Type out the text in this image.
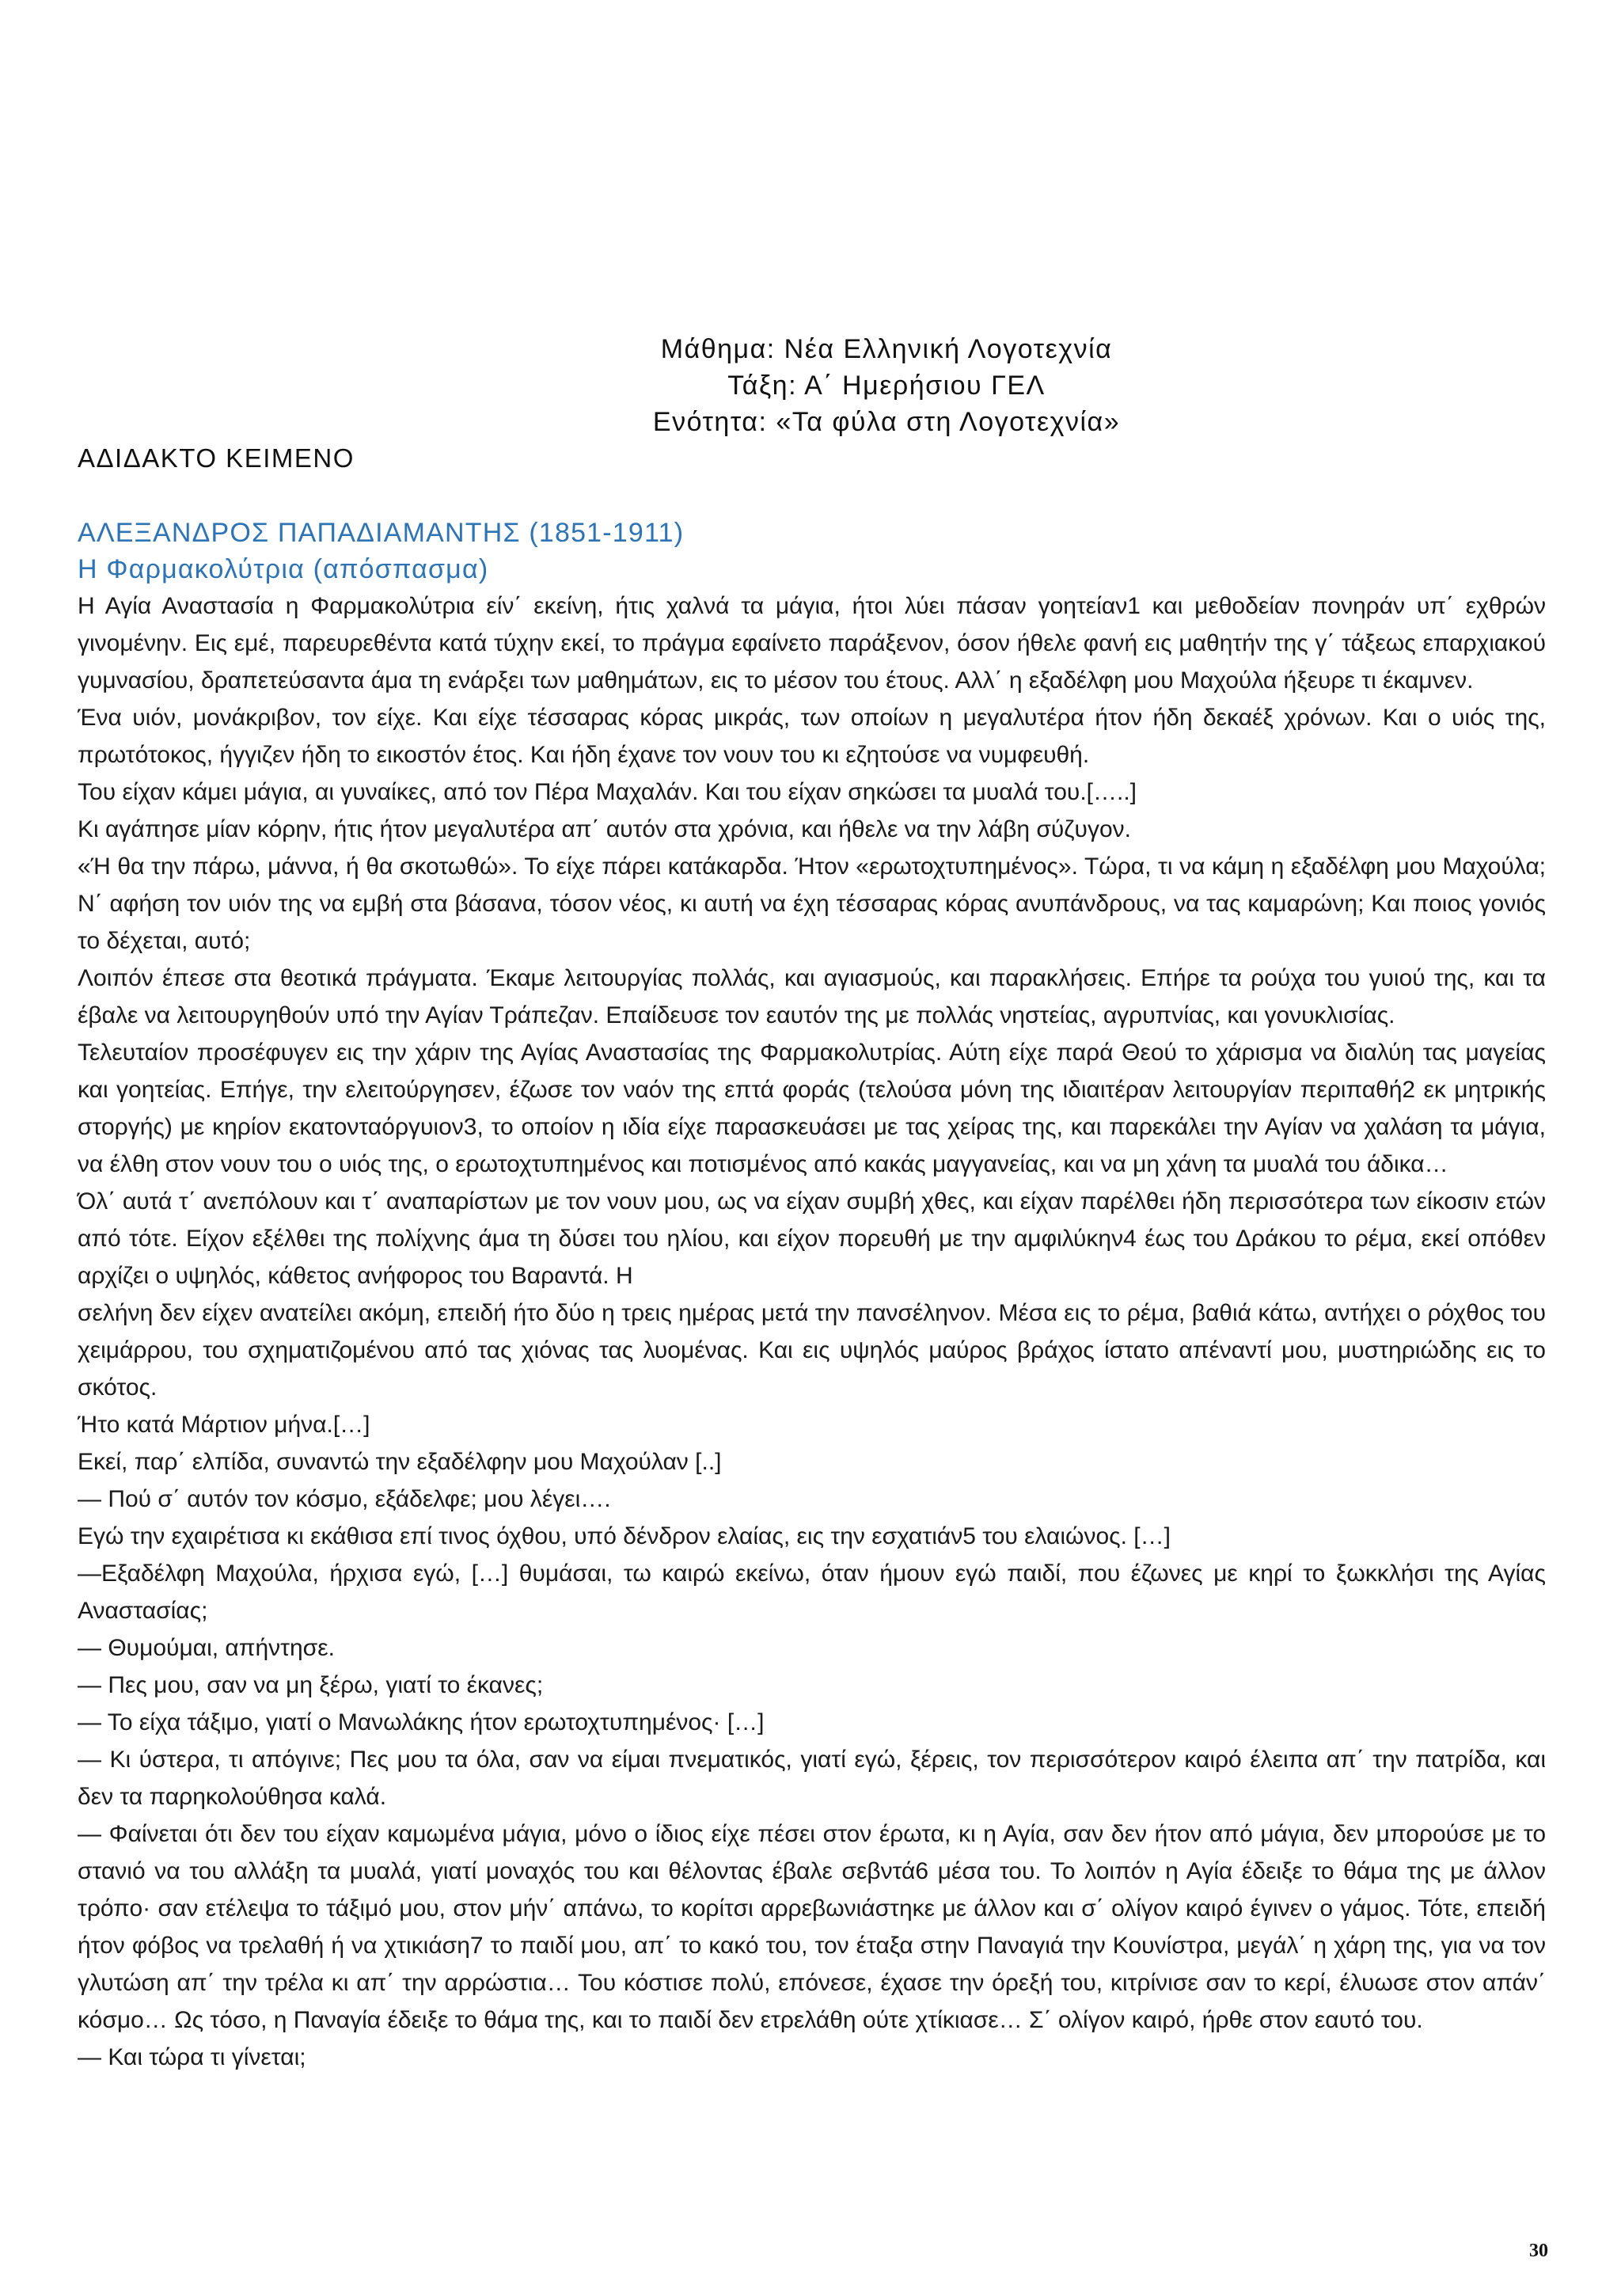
Μάθημα: Νέα Ελληνική Λογοτεχνία
Τάξη: Α΄ Ημερήσιου ΓΕΛ
Ενότητα: «Τα φύλα στη Λογοτεχνία»
ΑΔΙΔΑΚΤΟ ΚΕΙΜΕΝΟ
ΑΛΕΞΑΝΔΡΟΣ ΠΑΠΑΔΙΑΜΑΝΤΗΣ (1851-1911)
Η Φαρμακολύτρια (απόσπασμα)

Η Αγία Αναστασία η Φαρμακολύτρια είν΄ εκείνη, ήτις χαλνά τα μάγια, ήτοι λύει πάσαν γοητείαν1 και μεθοδείαν πονηράν υπ΄ εχθρών γινομένην. Εις εμέ, παρευρεθέντα κατά τύχην εκεί, το πράγμα εφαίνετο παράξενον, όσον ήθελε φανή εις μαθητήν της γ΄ τάξεως επαρχιακού γυμνασίου, δραπετεύσαντα άμα τη ενάρξει των μαθημάτων, εις το μέσον του έτους. Αλλ΄ η εξαδέλφη μου Μαχούλα ήξευρε τι έκαμνεν.

Ένα υιόν, μονάκριβον, τον είχε. Και είχε τέσσαρας κόρας μικράς, των οποίων η μεγαλυτέρα ήτον ήδη δεκαέξ χρόνων. Και ο υιός της, πρωτότοκος, ήγγιζεν ήδη το εικοστόν έτος. Και ήδη έχανε τον νουν του κι εζητούσε να νυμφευθή.

Του είχαν κάμει μάγια, αι γυναίκες, από τον Πέρα Μαχαλάν. Και του είχαν σηκώσει τα μυαλά του.[…..]

Κι αγάπησε μίαν κόρην, ήτις ήτον μεγαλυτέρα απ΄ αυτόν στα χρόνια, και ήθελε να την λάβη σύζυγον.

«Ή θα την πάρω, μάννα, ή θα σκοτωθώ». Το είχε πάρει κατάκαρδα. Ήτον «ερωτοχτυπημένος». Τώρα, τι να κάμη η εξαδέλφη μου Μαχούλα; Ν΄ αφήση τον υιόν της να εμβή στα βάσανα, τόσον νέος, κι αυτή να έχη τέσσαρας κόρας ανυπάνδρους, να τας καμαρώνη; Και ποιος γονιός το δέχεται, αυτό;

Λοιπόν έπεσε στα θεοτικά πράγματα. Έκαμε λειτουργίας πολλάς, και αγιασμούς, και παρακλήσεις. Επήρε τα ρούχα του γυιού της, και τα έβαλε να λειτουργηθούν υπό την Αγίαν Τράπεζαν. Επαίδευσε τον εαυτόν της με πολλάς νηστείας, αγρυπνίας, και γονυκλισίας.

Τελευταίον προσέφυγεν εις την χάριν της Αγίας Αναστασίας της Φαρμακολυτρίας. Αύτη είχε παρά Θεού το χάρισμα να διαλύη τας μαγείας και γοητείας. Επήγε, την ελειτούργησεν, έζωσε τον ναόν της επτά φοράς (τελούσα μόνη της ιδιαιτέραν λειτουργίαν περιπαθή2 εκ μητρικής στοργής) με κηρίον εκατονταόργυιον3, το οποίον η ιδία είχε παρασκευάσει με τας χείρας της, και παρεκάλει την Αγίαν να χαλάση τα μάγια, να έλθη στον νουν του ο υιός της, ο ερωτοχτυπημένος και ποτισμένος από κακάς μαγγανείας, και να μη χάνη τα μυαλά του άδικα…

Όλ΄ αυτά τ΄ ανεπόλουν και τ΄ αναπαρίστων με τον νουν μου, ως να είχαν συμβή χθες, και είχαν παρέλθει ήδη περισσότερα των είκοσιν ετών από τότε. Είχον εξέλθει της πολίχνης άμα τη δύσει του ηλίου, και είχον πορευθή με την αμφιλύκην4 έως του Δράκου το ρέμα, εκεί οπόθεν αρχίζει ο υψηλός, κάθετος ανήφορος του Βαραντά. Η

σελήνη δεν είχεν ανατείλει ακόμη, επειδή ήτο δύο η τρεις ημέρας μετά την πανσέληνον. Μέσα εις το ρέμα, βαθιά κάτω, αντήχει ο ρόχθος του χειμάρρου, του σχηματιζομένου από τας χιόνας τας λυομένας. Και εις υψηλός μαύρος βράχος ίστατο απέναντί μου, μυστηριώδης εις το σκότος.

Ήτο κατά Μάρτιον μήνα.[…]

Εκεί, παρ΄ ελπίδα, συναντώ την εξαδέλφην μου Μαχούλαν [..]

— Πού σ΄ αυτόν τον κόσμο, εξάδελφε; μου λέγει….

Εγώ την εχαιρέτισα κι εκάθισα επί τινος όχθου, υπό δένδρον ελαίας, εις την εσχατιάν5 του ελαιώνος. […]

—Εξαδέλφη Μαχούλα, ήρχισα εγώ, […] θυμάσαι, τω καιρώ εκείνω, όταν ήμουν εγώ παιδί, που έζωνες με κηρί το ξωκκλήσι της Αγίας Αναστασίας;

— Θυμούμαι, απήντησε.

— Πες μου, σαν να μη ξέρω, γιατί το έκανες;

— Το είχα τάξιμο, γιατί ο Μανωλάκης ήτον ερωτοχτυπημένος· […]

— Κι ύστερα, τι απόγινε; Πες μου τα όλα, σαν να είμαι πνεματικός, γιατί εγώ, ξέρεις, τον περισσότερον καιρό έλειπα απ΄ την πατρίδα, και δεν τα παρηκολούθησα καλά.

— Φαίνεται ότι δεν του είχαν καμωμένα μάγια, μόνο ο ίδιος είχε πέσει στον έρωτα, κι η Αγία, σαν δεν ήτον από μάγια, δεν μπορούσε με το στανιό να του αλλάξη τα μυαλά, γιατί μοναχός του και θέλοντας έβαλε σεβντά6 μέσα του. Το λοιπόν η Αγία έδειξε το θάμα της με άλλον τρόπο· σαν ετέλεψα το τάξιμό μου, στον μήν΄ απάνω, το κορίτσι αρρεβωνιάστηκε με άλλον και σ΄ ολίγον καιρό έγινεν ο γάμος. Τότε, επειδή ήτον φόβος να τρελαθή ή να χτικιάση7 το παιδί μου, απ΄ το κακό του, τον έταξα στην Παναγιά την Κουνίστρα, μεγάλ΄ η χάρη της, για να τον γλυτώση απ΄ την τρέλα κι απ΄ την αρρώστια… Του κόστισε πολύ, επόνεσε, έχασε την όρεξή του, κιτρίνισε σαν το κερί, έλυωσε στον απάν΄ κόσμο… Ως τόσο, η Παναγία έδειξε το θάμα της, και το παιδί δεν ετρελάθη ούτε χτίκιασε… Σ΄ ολίγον καιρό, ήρθε στον εαυτό του.

— Και τώρα τι γίνεται;

30
